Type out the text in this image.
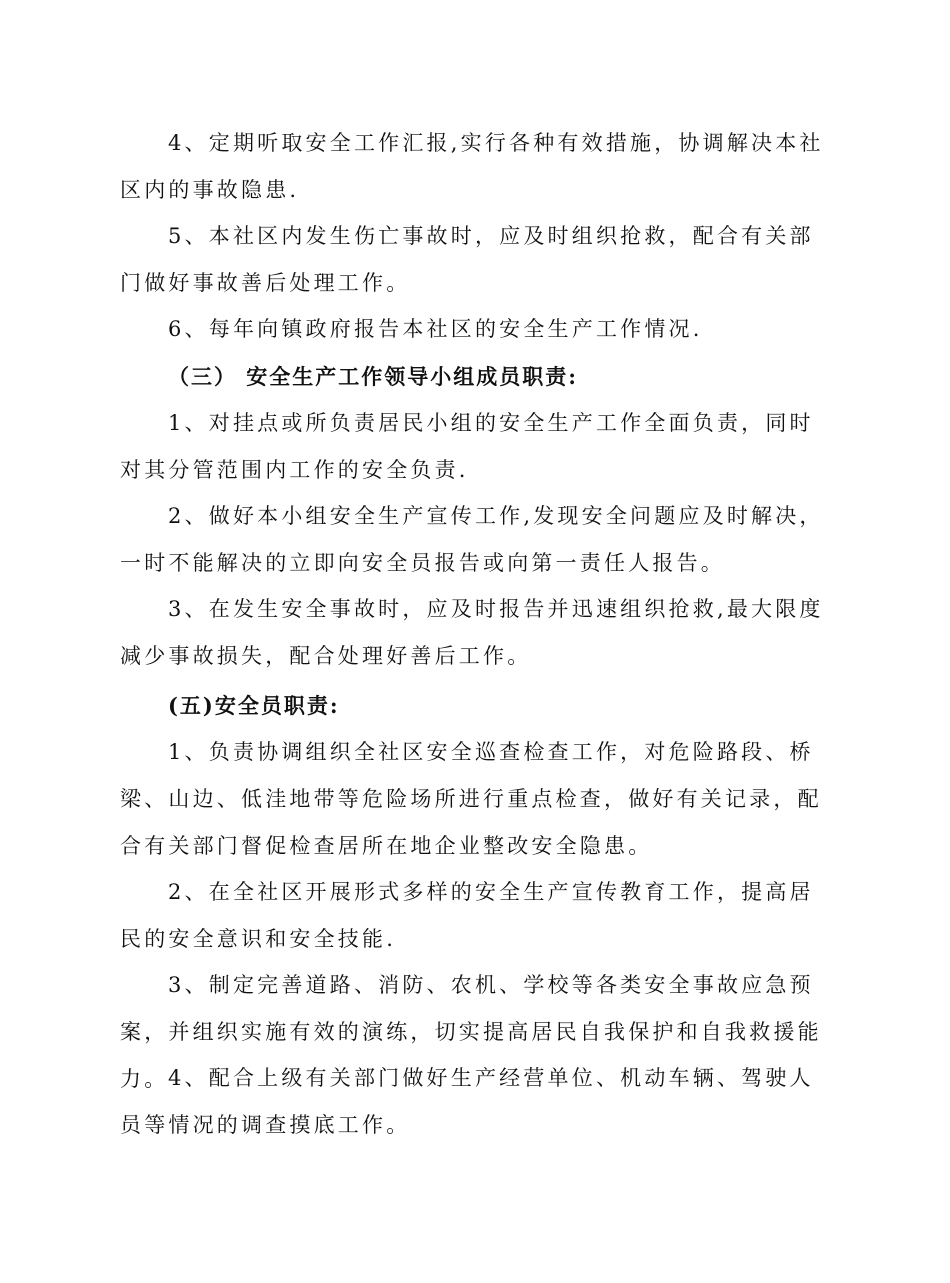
4、定期听取安全工作汇报,实行各种有效措施，协调解决本社区内的事故隐患.

5、本社区内发生伤亡事故时，应及时组织抢救，配合有关部门做好事故善后处理工作。

6、每年向镇政府报告本社区的安全生产工作情况.

（三） 安全生产工作领导小组成员职责:

1、对挂点或所负责居民小组的安全生产工作全面负责，同时对其分管范围内工作的安全负责.

2、做好本小组安全生产宣传工作,发现安全问题应及时解决，一时不能解决的立即向安全员报告或向第一责任人报告。

3、在发生安全事故时，应及时报告并迅速组织抢救,最大限度减少事故损失，配合处理好善后工作。

(五)安全员职责:

1、负责协调组织全社区安全巡查检查工作，对危险路段、桥梁、山边、低洼地带等危险场所进行重点检查，做好有关记录，配合有关部门督促检查居所在地企业整改安全隐患。

2、在全社区开展形式多样的安全生产宣传教育工作，提高居民的安全意识和安全技能.

3、制定完善道路、消防、农机、学校等各类安全事故应急预案，并组织实施有效的演练，切实提高居民自我保护和自我救援能力。 4、配合上级有关部门做好生产经营单位、机动车辆、驾驶人员等情况的调查摸底工作。
